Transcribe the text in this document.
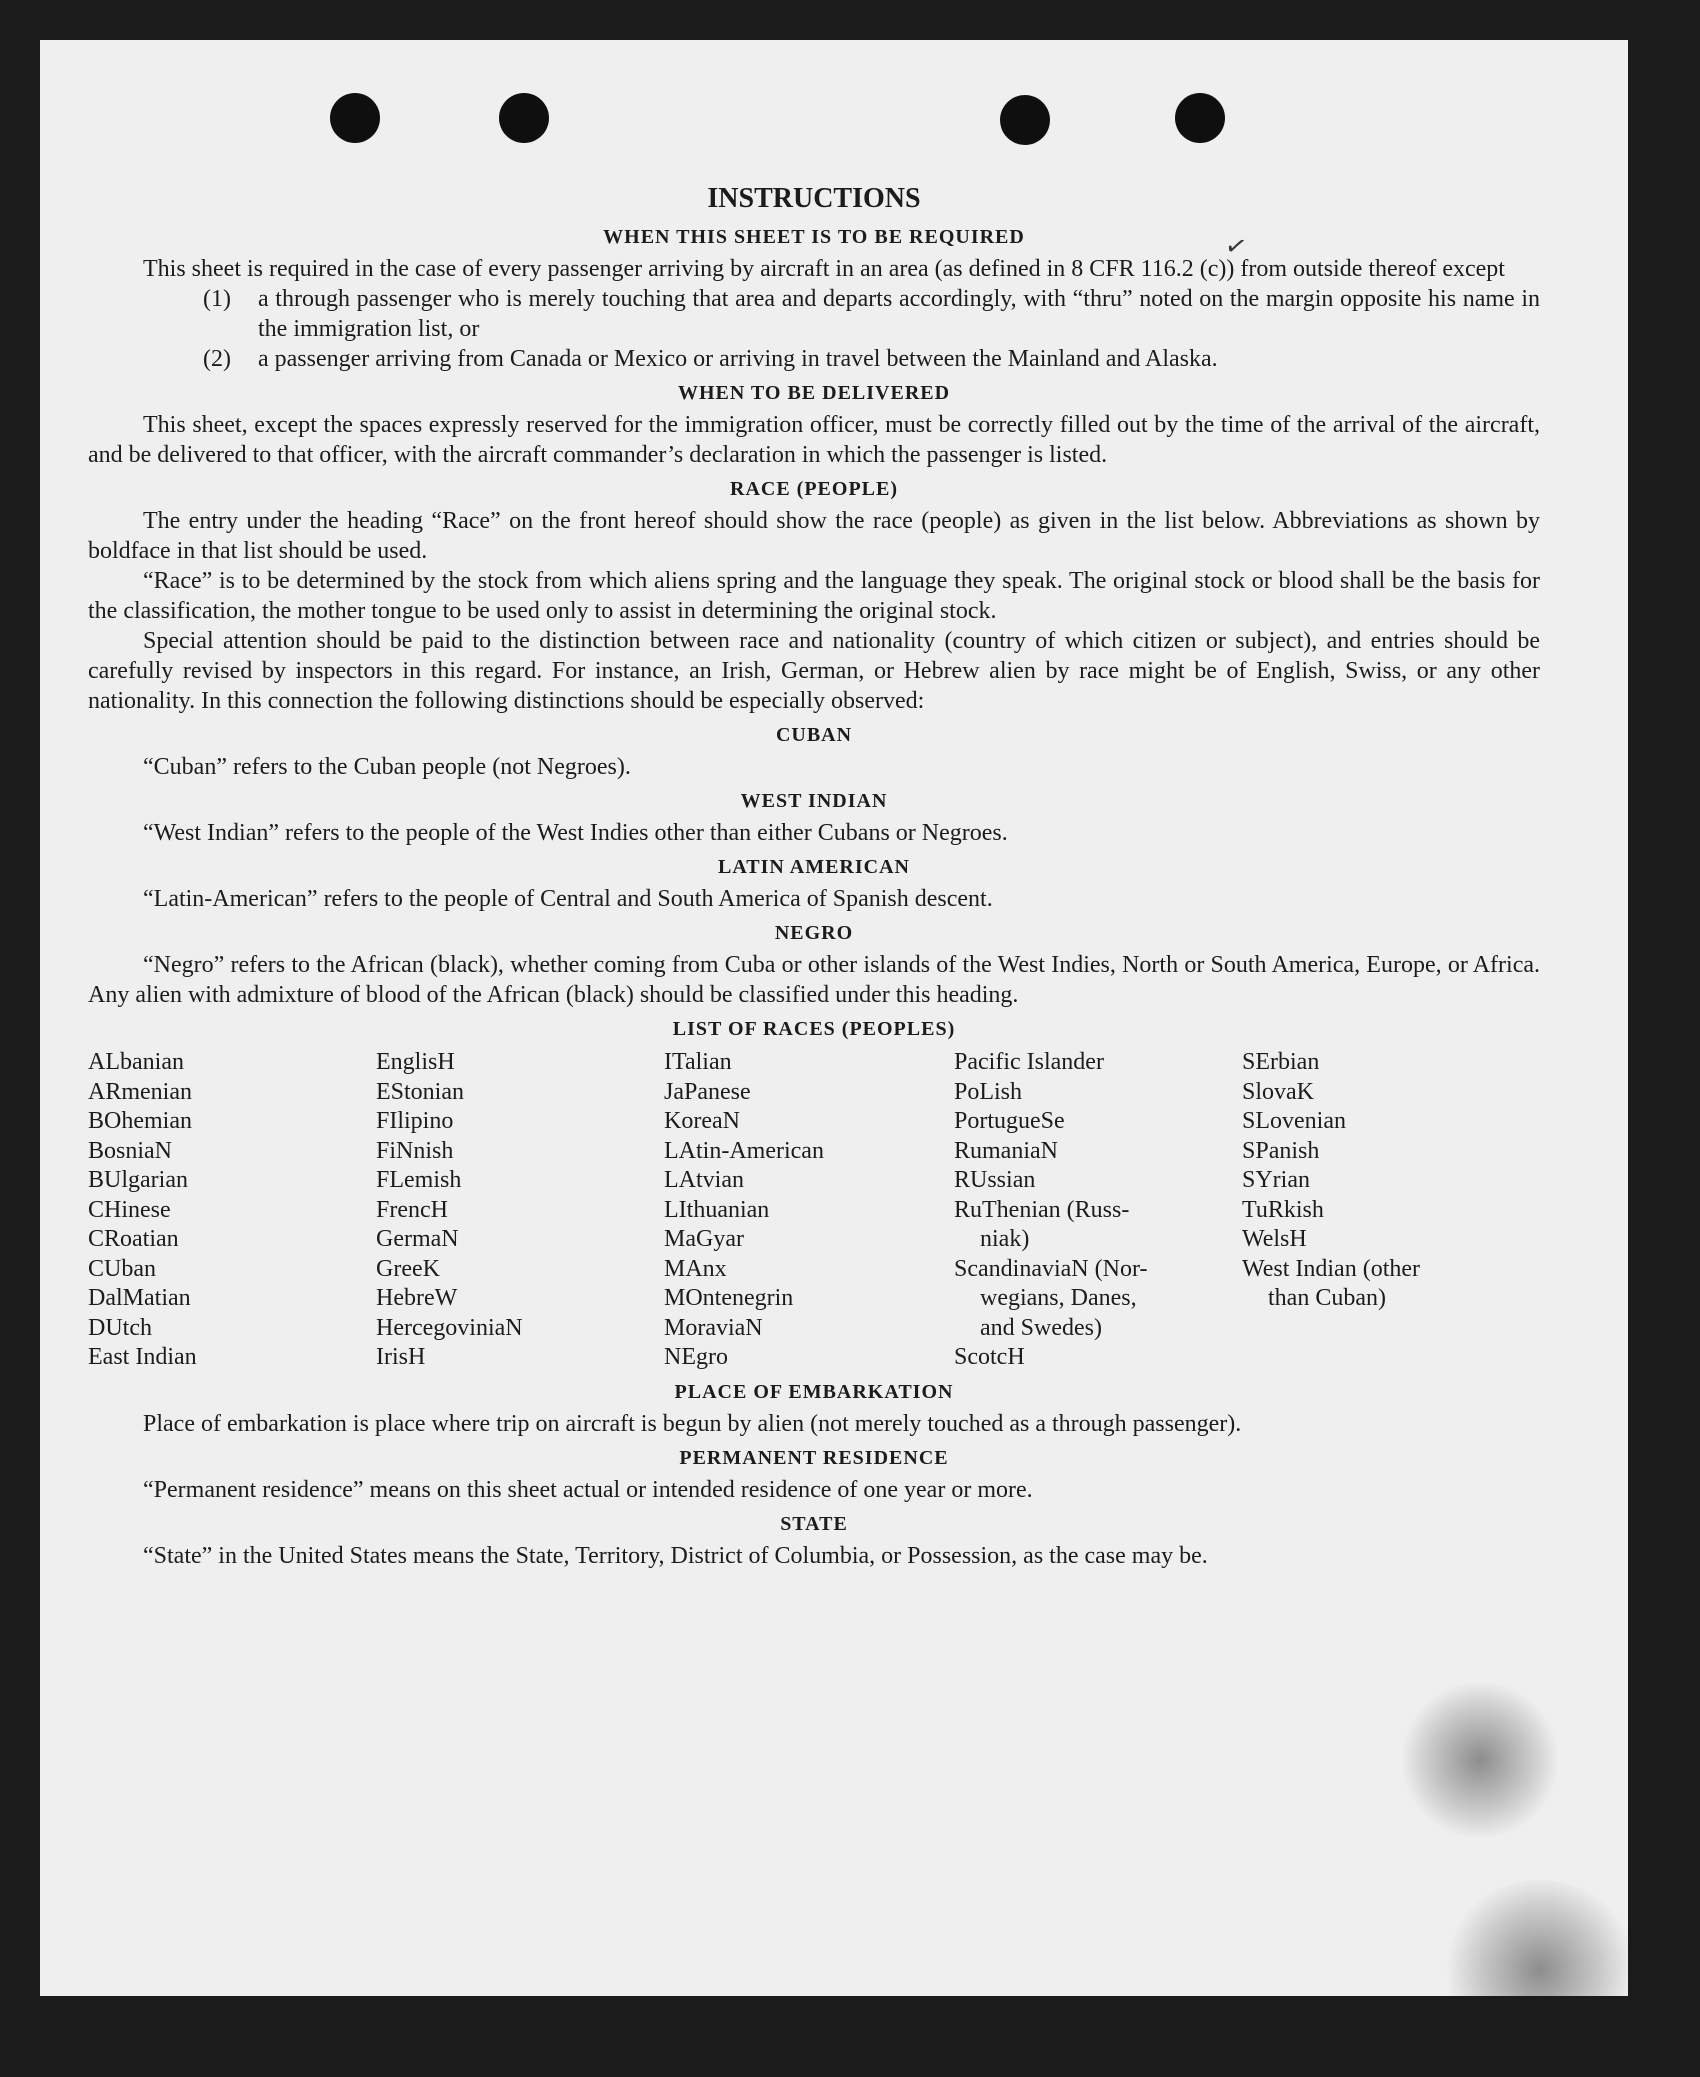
✓
INSTRUCTIONS
WHEN THIS SHEET IS TO BE REQUIRED

This sheet is required in the case of every passenger arriving by aircraft in an area (as defined in 8 CFR 116.2 (c)) from outside thereof except

(1)	a through passenger who is merely touching that area and departs accordingly, with “thru” noted on the margin opposite his name in the immigration list, or
(2)	a passenger arriving from Canada or Mexico or arriving in travel between the Mainland and Alaska.
WHEN TO BE DELIVERED

This sheet, except the spaces expressly reserved for the immigration officer, must be correctly filled out by the time of the arrival of the aircraft, and be delivered to that officer, with the aircraft commander’s declaration in which the passenger is listed.

RACE (PEOPLE)

The entry under the heading “Race” on the front hereof should show the race (people) as given in the list below. Abbreviations as shown by boldface in that list should be used.

“Race” is to be determined by the stock from which aliens spring and the language they speak. The original stock or blood shall be the basis for the classification, the mother tongue to be used only to assist in determining the original stock.

Special attention should be paid to the distinction between race and nationality (country of which citizen or subject), and entries should be carefully revised by inspectors in this regard. For instance, an Irish, German, or Hebrew alien by race might be of English, Swiss, or any other nationality. In this connection the following distinctions should be especially observed:

CUBAN

“Cuban” refers to the Cuban people (not Negroes).

WEST INDIAN

“West Indian” refers to the people of the West Indies other than either Cubans or Negroes.

LATIN AMERICAN

“Latin-American” refers to the people of Central and South America of Spanish descent.

NEGRO

“Negro” refers to the African (black), whether coming from Cuba or other islands of the West Indies, North or South America, Europe, or Africa. Any alien with admixture of blood of the African (black) should be classified under this heading.

LIST OF RACES (PEOPLES)
ALbanian
ARmenian
BOhemian
BosniaN
BUlgarian
CHinese
CRoatian
CUban
DalMatian
DUtch
East Indian
EnglisH
EStonian
FIlipino
FiNnish
FLemish
FrencH
GermaN
GreeK
HebreW
HercegoviniaN
IrisH
ITalian
JaPanese
KoreaN
LAtin-American
LAtvian
LIthuanian
MaGyar
MAnx
MOntenegrin
MoraviaN
NEgro
Pacific Islander
PoLish
PortugueSe
RumaniaN
RUssian
RuThenian (Russ-
niak)
ScandinaviaN (Nor-
wegians, Danes,
and Swedes)
ScotcH
SErbian
SlovaK
SLovenian
SPanish
SYrian
TuRkish
WelsH
West Indian (other
than Cuban)
PLACE OF EMBARKATION

Place of embarkation is place where trip on aircraft is begun by alien (not merely touched as a through passenger).

PERMANENT RESIDENCE

“Permanent residence” means on this sheet actual or intended residence of one year or more.

STATE

“State” in the United States means the State, Territory, District of Columbia, or Possession, as the case may be.
